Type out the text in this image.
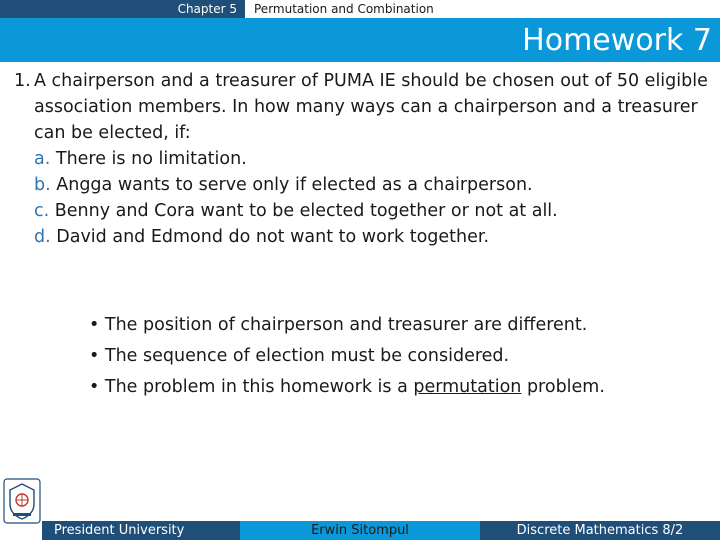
Chapter 5 Permutation and Combination
Homework 7
1. A chairperson and a treasurer of PUMA IE should be chosen out of 50 eligible association members. In how many ways can a chairperson and a treasurer can be elected, if:
a. There is no limitation.
b. Angga wants to serve only if elected as a chairperson.
c. Benny and Cora want to be elected together or not at all.
d. David and Edmond do not want to work together.
• The position of chairperson and treasurer are different.
• The sequence of election must be considered.
• The problem in this homework is a permutation problem.
President University	Erwin Sitompul	Discrete Mathematics 8/2
